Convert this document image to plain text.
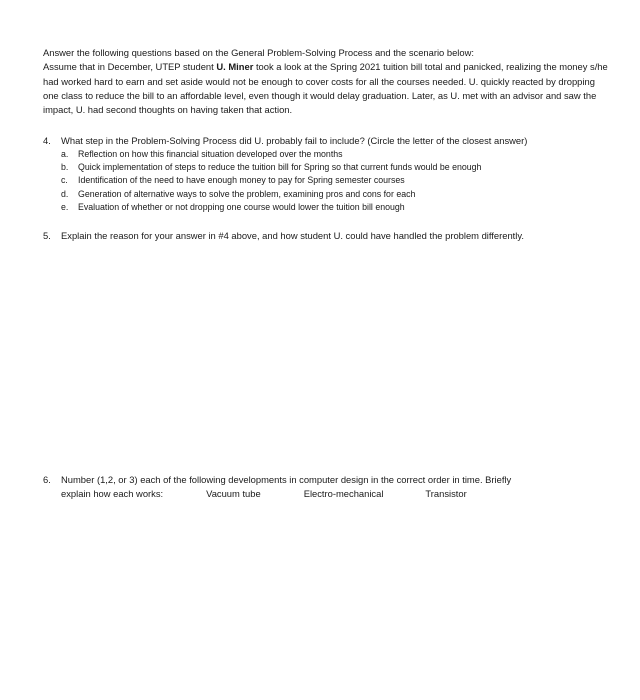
Answer the following questions based on the General Problem-Solving Process and the scenario below:

Assume that in December, UTEP student U. Miner took a look at the Spring 2021 tuition bill total and panicked, realizing the money s/he had worked hard to earn and set aside would not be enough to cover costs for all the courses needed. U. quickly reacted by dropping one class to reduce the bill to an affordable level, even though it would delay graduation. Later, as U. met with an advisor and saw the impact, U. had second thoughts on having taken that action.

4.	What step in the Problem-Solving Process did U. probably fail to include? (Circle the letter of the closest answer)
a.	Reflection on how this financial situation developed over the months
b.	Quick implementation of steps to reduce the tuition bill for Spring so that current funds would be enough
c.	Identification of the need to have enough money to pay for Spring semester courses
d.	Generation of alternative ways to solve the problem, examining pros and cons for each
e.	Evaluation of whether or not dropping one course would lower the tuition bill enough
5.	Explain the reason for your answer in #4 above, and how student U. could have handled the problem differently.
6.	Number (1,2, or 3) each of the following developments in computer design in the correct order in time. Briefly
explain how each works:	Vacuum tube	Electro-mechanical	Transistor
